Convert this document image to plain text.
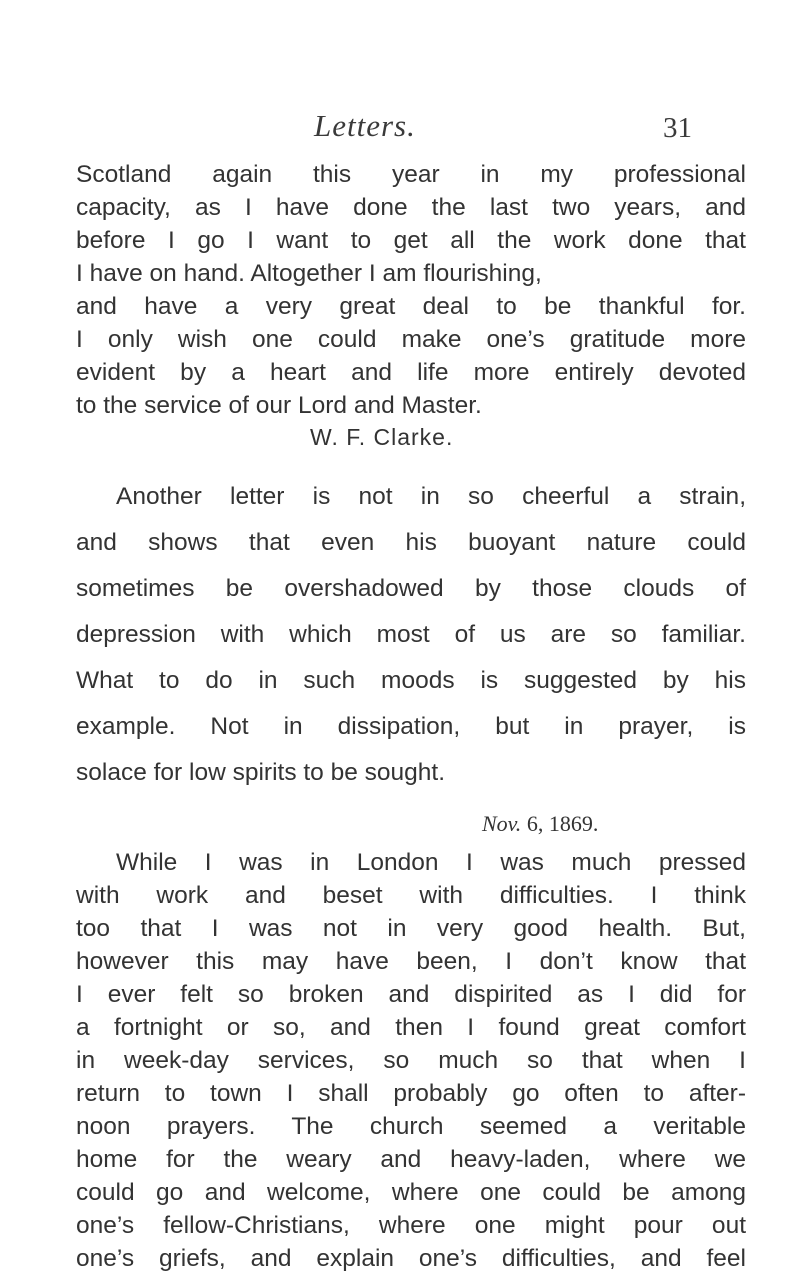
Letters.	31
Scotland again this year in my professional
capacity, as I have done the last two years, and
before I go I want to get all the work done that
I have on hand. Altogether I am flourishing,
and have a very great deal to be thankful for.
I only wish one could make one’s gratitude more
evident by a heart and life more entirely devoted
to the service of our Lord and Master.
W. F. Clarke.
Another letter is not in so cheerful a strain,
and shows that even his buoyant nature could
sometimes be overshadowed by those clouds of
depression with which most of us are so familiar.
What to do in such moods is suggested by his
example. Not in dissipation, but in prayer, is
solace for low spirits to be sought.
Nov. 6, 1869.
While I was in London I was much pressed
with work and beset with difficulties. I think
too that I was not in very good health. But,
however this may have been, I don’t know that
I ever felt so broken and dispirited as I did for
a fortnight or so, and then I found great comfort
in week-day services, so much so that when I
return to town I shall probably go often to after-
noon prayers. The church seemed a veritable
home for the weary and heavy-laden, where we
could go and welcome, where one could be among
one’s fellow-Christians, where one might pour out
one’s griefs, and explain one’s difficulties, and feel
